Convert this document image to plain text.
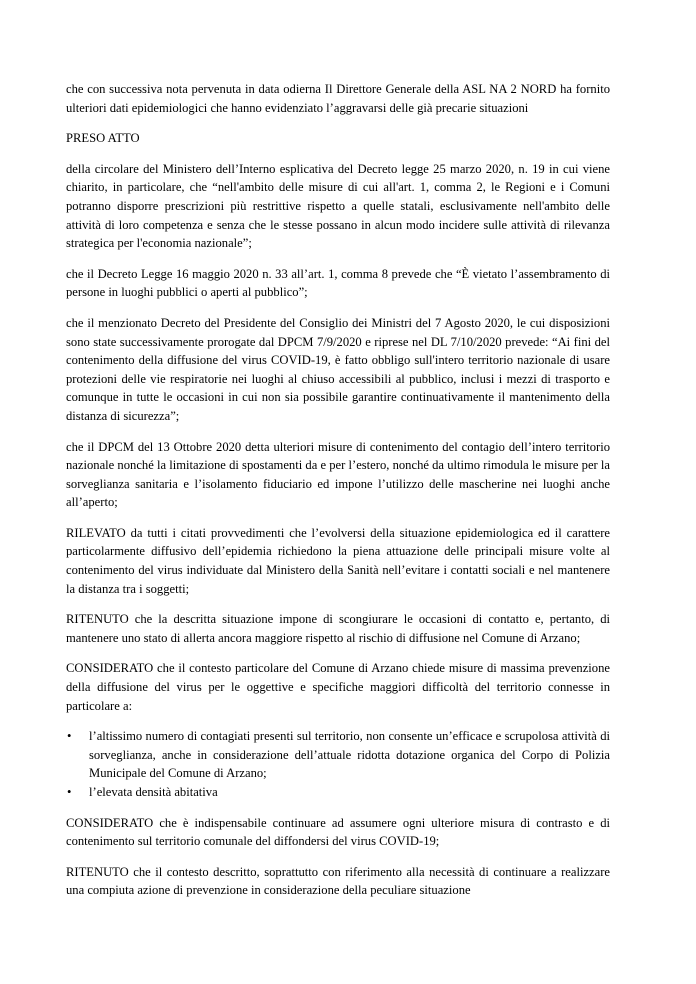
che con successiva nota pervenuta in data odierna Il Direttore Generale della ASL NA 2 NORD ha fornito ulteriori dati epidemiologici che hanno evidenziato l’aggravarsi delle già precarie situazioni

PRESO ATTO

della circolare del Ministero dell’Interno esplicativa del Decreto legge 25 marzo 2020, n. 19 in cui viene chiarito, in particolare, che “nell'ambito delle misure di cui all'art. 1, comma 2, le Regioni e i Comuni potranno disporre prescrizioni più restrittive rispetto a quelle statali, esclusivamente nell'ambito delle attività di loro competenza e senza che le stesse possano in alcun modo incidere sulle attività di rilevanza strategica per l'economia nazionale”;

che il Decreto Legge 16 maggio 2020 n. 33 all’art. 1, comma 8 prevede che “È vietato l’assembramento di persone in luoghi pubblici o aperti al pubblico”;

che il menzionato Decreto del Presidente del Consiglio dei Ministri del 7 Agosto 2020, le cui disposizioni sono state successivamente prorogate dal DPCM 7/9/2020 e riprese nel DL 7/10/2020 prevede: “Ai fini del contenimento della diffusione del virus COVID-19, è fatto obbligo sull'intero territorio nazionale di usare protezioni delle vie respiratorie nei luoghi al chiuso accessibili al pubblico, inclusi i mezzi di trasporto e comunque in tutte le occasioni in cui non sia possibile garantire continuativamente il mantenimento della distanza di sicurezza”;

che il DPCM del 13 Ottobre 2020 detta ulteriori misure di contenimento del contagio dell’intero territorio nazionale nonché la limitazione di spostamenti da e per l’estero, nonché da ultimo rimodula le misure per la sorveglianza sanitaria e l’isolamento fiduciario ed impone l’utilizzo delle mascherine nei luoghi anche all’aperto;

RILEVATO da tutti i citati provvedimenti che l’evolversi della situazione epidemiologica ed il carattere particolarmente diffusivo dell’epidemia richiedono la piena attuazione delle principali misure volte al contenimento del virus individuate dal Ministero della Sanità nell’evitare i contatti sociali e nel mantenere la distanza tra i soggetti;

RITENUTO che la descritta situazione impone di scongiurare le occasioni di contatto e, pertanto, di mantenere uno stato di allerta ancora maggiore rispetto al rischio di diffusione nel Comune di Arzano;

CONSIDERATO che il contesto particolare del Comune di Arzano chiede misure di massima prevenzione della diffusione del virus per le oggettive e specifiche maggiori difficoltà del territorio connesse in particolare a:

• l’altissimo numero di contagiati presenti sul territorio, non consente un’efficace e scrupolosa attività di sorveglianza, anche in considerazione dell’attuale ridotta dotazione organica del Corpo di Polizia Municipale del Comune di Arzano;
• l’elevata densità abitativa

CONSIDERATO che è indispensabile continuare ad assumere ogni ulteriore misura di contrasto e di contenimento sul territorio comunale del diffondersi del virus COVID-19;

RITENUTO che il contesto descritto, soprattutto con riferimento alla necessità di continuare a realizzare una compiuta azione di prevenzione in considerazione della peculiare situazione
